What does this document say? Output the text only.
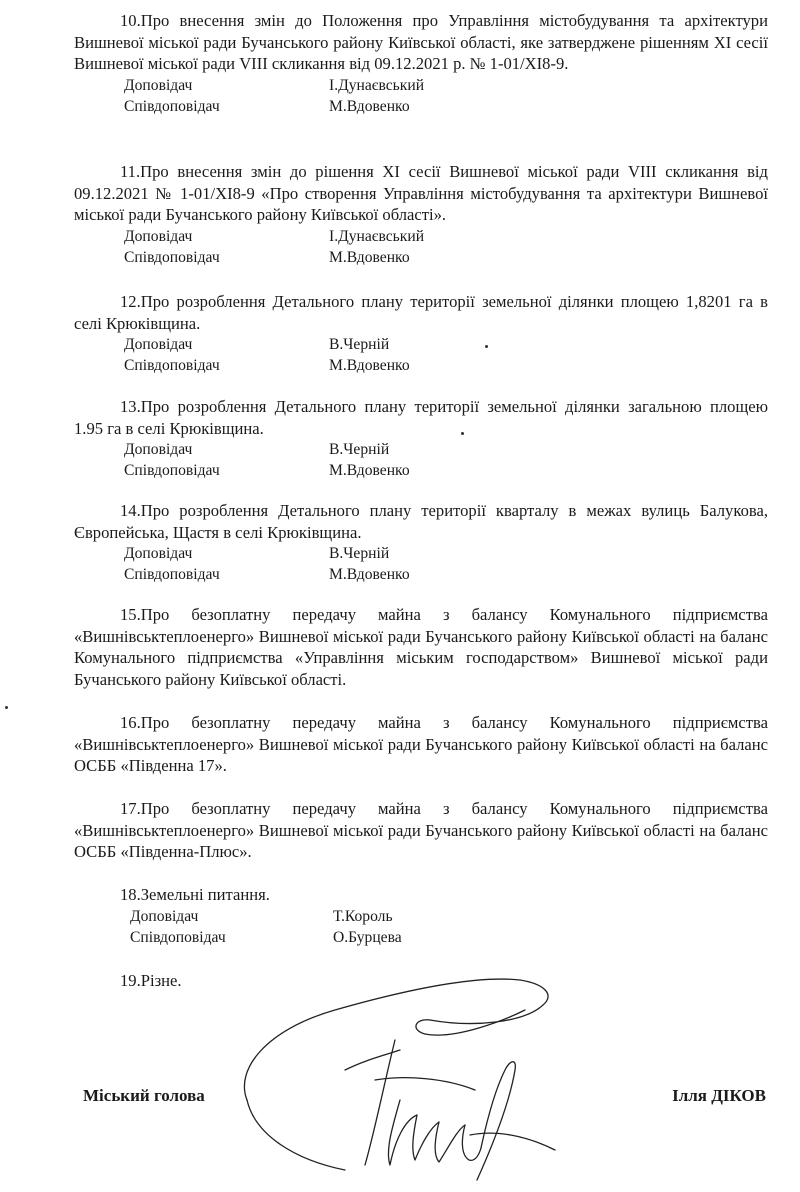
10.Про внесення змін до Положення про Управління містобудування та архітектури Вишневої міської ради Бучанського району Київської області, яке затверджене рішенням XI сесії Вишневої міської ради VIII скликання від 09.12.2021 р. № 1-01/XI8-9.

Доповідач	І.Дунаєвський
Співдоповідач	М.Вдовенко

11.Про внесення змін до рішення XI сесії Вишневої міської ради VIII скликання від 09.12.2021 № 1-01/XI8-9 «Про створення Управління містобудування та архітектури Вишневої міської ради Бучанського району Київської області».

Доповідач	І.Дунаєвський
Співдоповідач	М.Вдовенко

12.Про розроблення Детального плану території земельної ділянки площею 1,8201 га в селі Крюківщина.

Доповідач	В.Черній
Співдоповідач	М.Вдовенко

13.Про розроблення Детального плану території земельної ділянки загальною площею 1.95 га в селі Крюківщина.

Доповідач	В.Черній
Співдоповідач	М.Вдовенко

14.Про розроблення Детального плану території кварталу в межах вулиць Балукова, Європейська, Щастя в селі Крюківщина.

Доповідач	В.Черній
Співдоповідач	М.Вдовенко

15.Про безоплатну передачу майна з балансу Комунального підприємства «Вишнівськтеплоенерго» Вишневої міської ради Бучанського району Київської області на баланс Комунального підприємства «Управління міським господарством» Вишневої міської ради Бучанського району Київської області.

16.Про безоплатну передачу майна з балансу Комунального підприємства «Вишнівськтеплоенерго» Вишневої міської ради Бучанського району Київської області на баланс ОСББ «Південна 17».

17.Про безоплатну передачу майна з балансу Комунального підприємства «Вишнівськтеплоенерго» Вишневої міської ради Бучанського району Київської області на баланс ОСББ «Південна-Плюс».

18.Земельні питання.

Доповідач	Т.Король
Співдоповідач	О.Бурцева

19.Різне.

Міський голова	Ілля ДІКОВ
